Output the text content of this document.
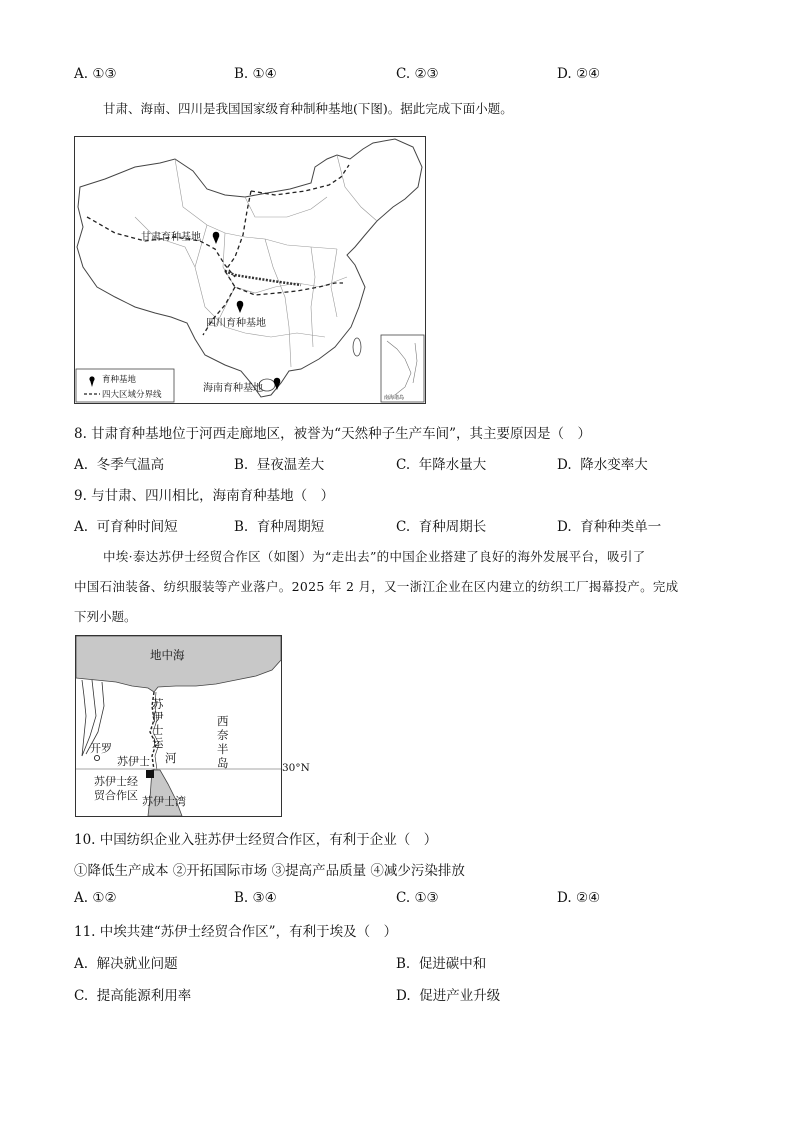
A. ①③	B. ①④	C. ②③	D. ②④
甘肃、海南、四川是我国国家级育种制种基地(下图)。据此完成下面小题。
甘肃育种基地
四川育种基地
海南育种基地
育种基地
四大区域分界线	南海诸岛
8. 甘肃育种基地位于河西走廊地区，被誉为“天然种子生产车间”，其主要原因是（　）
A. 冬季气温高	B. 昼夜温差大	C. 年降水量大	D. 降水变率大
9. 与甘肃、四川相比，海南育种基地（　）
A. 可育种时间短	B. 育种周期短	C. 育种周期长	D. 育种种类单一
中埃·泰达苏伊士经贸合作区（如图）为“走出去”的中国企业搭建了良好的海外发展平台，吸引了
中国石油装备、纺织服装等产业落户。2025 年 2 月，又一浙江企业在区内建立的纺织工厂揭幕投产。完成
下列小题。
地中海
苏
伊
士
运
河
西
奈
半
岛
开罗
苏伊士
苏伊士经
贸合作区 苏伊士湾
30°N
10. 中国纺织企业入驻苏伊士经贸合作区，有利于企业（　）
①降低生产成本 ②开拓国际市场 ③提高产品质量 ④减少污染排放
A. ①②	B. ③④	C. ①③	D. ②④
11. 中埃共建“苏伊士经贸合作区”，有利于埃及（　）
A. 解决就业问题	B. 促进碳中和
C. 提高能源利用率	D. 促进产业升级
